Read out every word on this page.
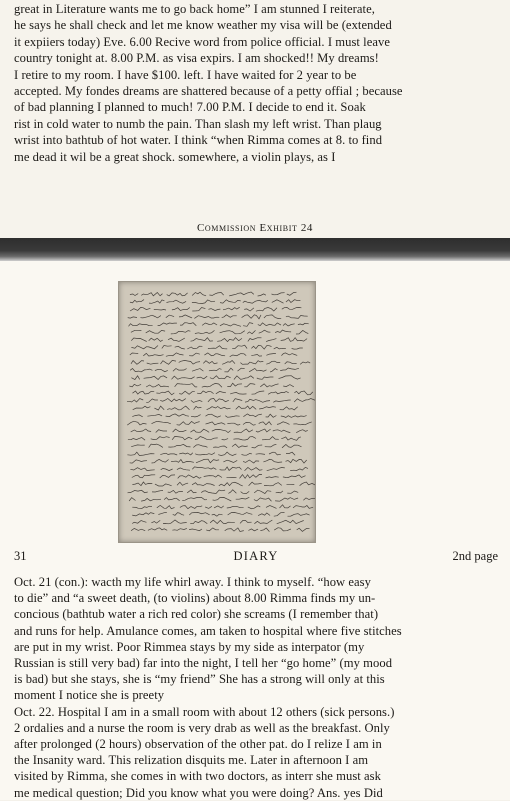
great in Literature wants me to go back home” I am stunned I reiterate,
he says he shall check and let me know weather my visa will be (extended
it expiiers today) Eve. 6.00 Recive word from police official. I must leave
country tonight at. 8.00 P.M. as visa expirs. I am shocked!! My dreams!
I retire to my room. I have $100. left. I have waited for 2 year to be
accepted. My fondes dreams are shattered because of a petty offial ; because
of bad planning I planned to much! 7.00 P.M. I decide to end it. Soak
rist in cold water to numb the pain. Than slash my left wrist. Than plaug
wrist into bathtub of hot water. I think “when Rimma comes at 8. to find
me dead it wil be a great shock. somewhere, a violin plays, as I
Commission Exhibit 24
31	DIARY	2nd page
Oct. 21 (con.): wacth my life whirl away. I think to myself. “how easy
to die” and “a sweet death, (to violins) about 8.00 Rimma finds my un-
concious (bathtub water a rich red color) she screams (I remember that)
and runs for help. Amulance comes, am taken to hospital where five stitches
are put in my wrist. Poor Rimmea stays by my side as interpator (my
Russian is still very bad) far into the night, I tell her “go home” (my mood
is bad) but she stays, she is “my friend” She has a strong will only at this
moment I notice she is preety
Oct. 22. Hospital I am in a small room with about 12 others (sick persons.)
2 ordalies and a nurse the room is very drab as well as the breakfast. Only
after prolonged (2 hours) observation of the other pat. do I relize I am in
the Insanity ward. This relization disquits me. Later in afternoon I am
visited by Rimma, she comes in with two doctors, as interr she must ask
me medical question; Did you know what you were doing? Ans. yes Did
